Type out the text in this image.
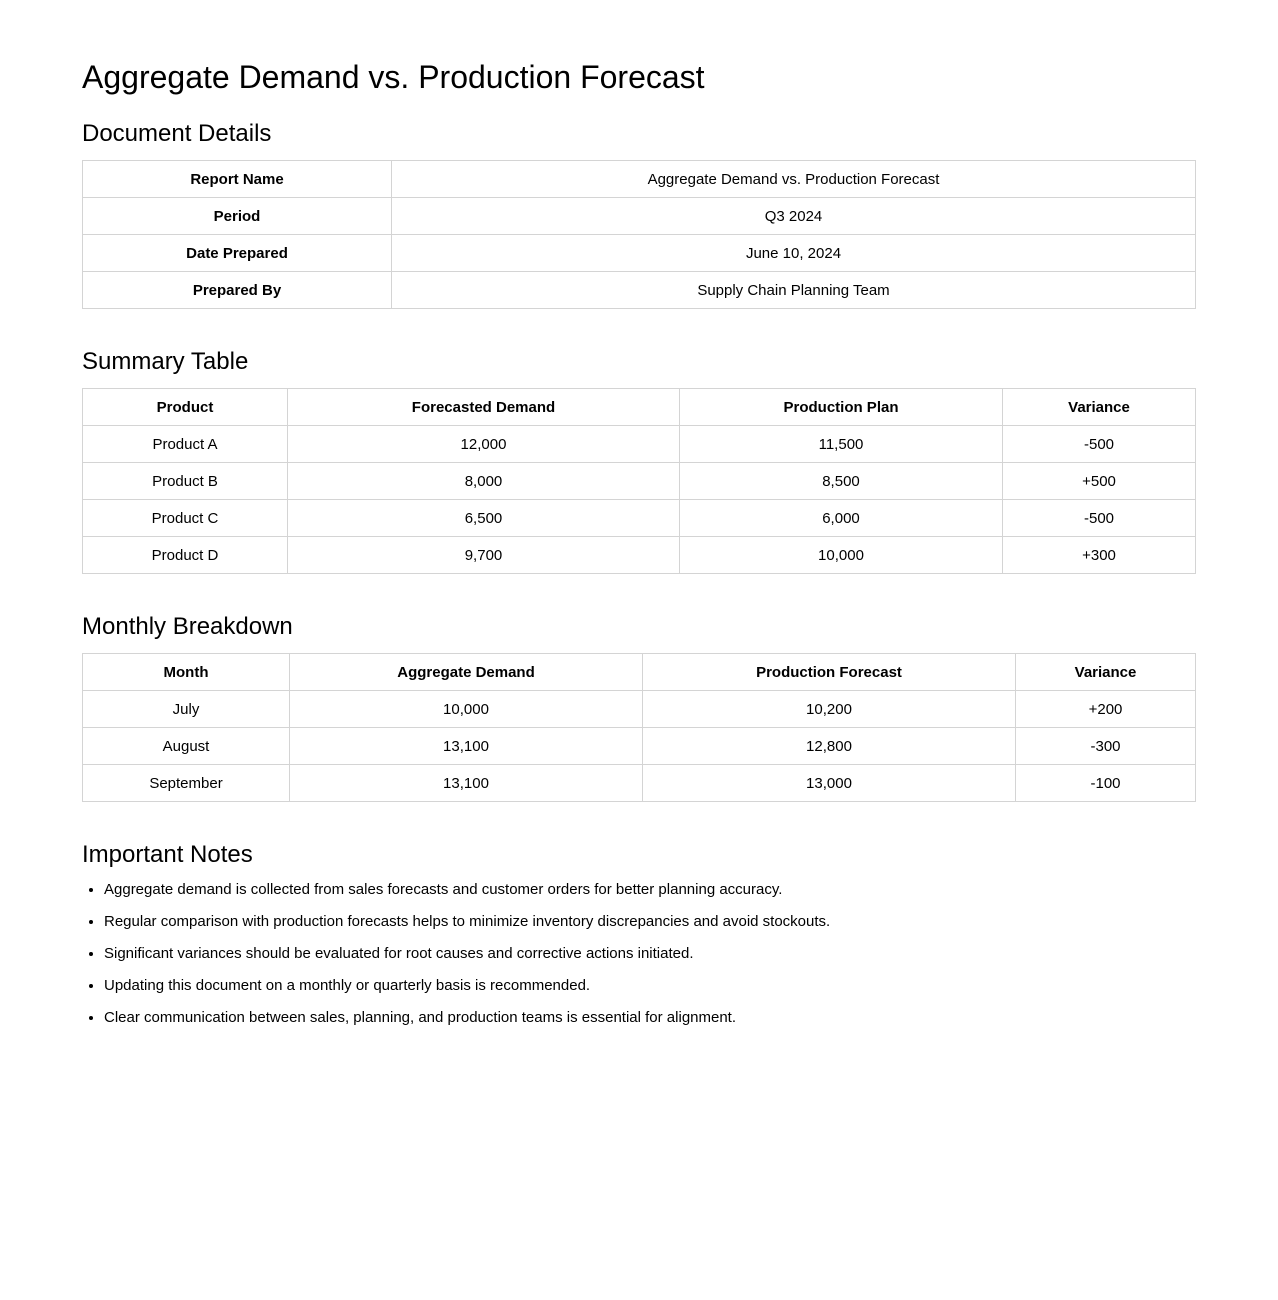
Aggregate Demand vs. Production Forecast
Document Details
Report Name	Aggregate Demand vs. Production Forecast
Period	Q3 2024
Date Prepared	June 10, 2024
Prepared By	Supply Chain Planning Team
Summary Table
Product	Forecasted Demand	Production Plan	Variance
Product A	12,000	11,500	-500
Product B	8,000	8,500	+500
Product C	6,500	6,000	-500
Product D	9,700	10,000	+300
Monthly Breakdown
Month	Aggregate Demand	Production Forecast	Variance
July	10,000	10,200	+200
August	13,100	12,800	-300
September	13,100	13,000	-100
Important Notes
• Aggregate demand is collected from sales forecasts and customer orders for better planning accuracy.
• Regular comparison with production forecasts helps to minimize inventory discrepancies and avoid stockouts.
• Significant variances should be evaluated for root causes and corrective actions initiated.
• Updating this document on a monthly or quarterly basis is recommended.
• Clear communication between sales, planning, and production teams is essential for alignment.
